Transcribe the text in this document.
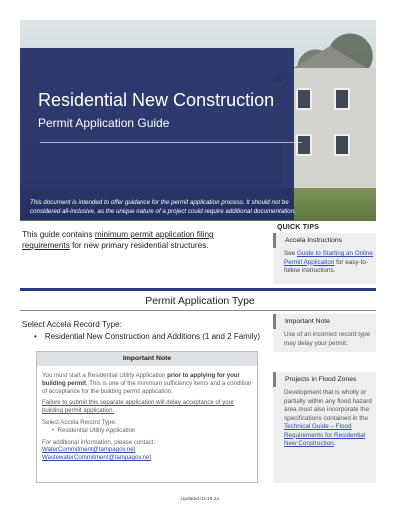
Residential New Construction
Permit Application Guide
This document is intended to offer guidance for the permit application process. It should not be considered all-inclusive, as the unique nature of a project could require additional documentation.
This guide contains minimum permit application filing requirements for new primary residential structures.
QUICK TIPS
Accela Instructions
See Guide to Starting an Online Permit Application for easy-to-follow instructions.
Permit Application Type
Select Accela Record Type:
• Residential New Construction and Additions (1 and 2 Family)
Important Note

You must start a Residential Utility Application prior to applying for your building permit. This is one of the minimum sufficiency items and a condition of acceptance for the building permit application.

Failure to submit this separate application will delay acceptance of your building permit application.

Select Accela Record Type:
•  Residential Utility Application

For additional information, please contact:
WaterCommitment@tampagov.net
WastewaterCommitment@tampagov.net

Important Note
Use of an incorrect record type may delay your permit.
Projects in Flood Zones
Development that is wholly or partially within any flood hazard area must also incorporate the specifications contained in the Technical Guide – Flood Requirements for Residential New Construction.
Updated 03.19.24
